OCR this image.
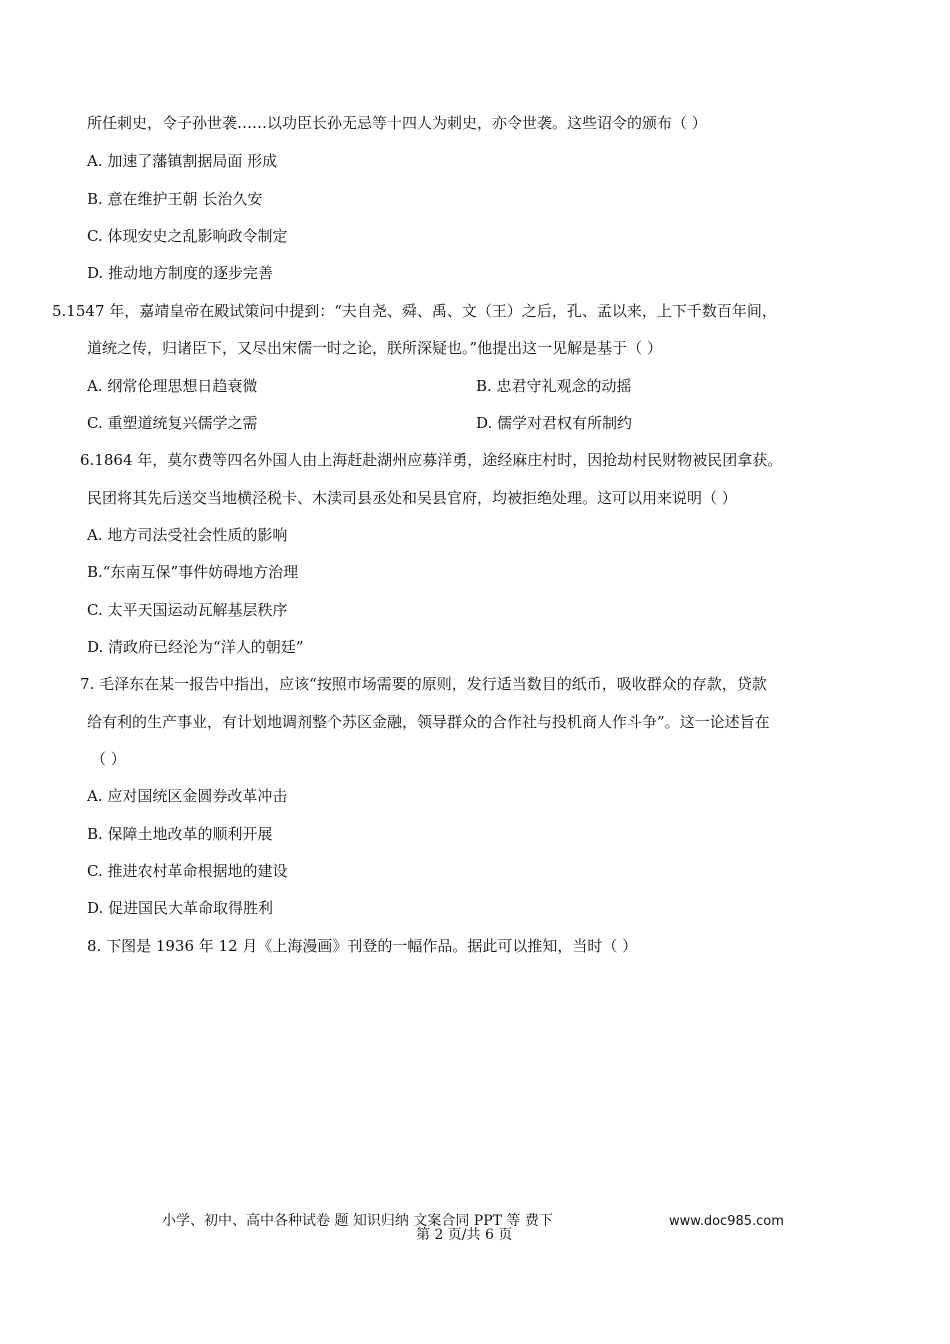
所任刺史，令子孙世袭……以功臣长孙无忌等十四人为刺史，亦令世袭。这些诏令的颁布（ ）
A. 加速了藩镇割据局面 形成
B. 意在维护王朝 长治久安
C. 体现安史之乱影响政令制定
D. 推动地方制度的逐步完善
5.1547 年，嘉靖皇帝在殿试策问中提到：“夫自尧、舜、禹、文（王）之后，孔、孟以来，上下千数百年间，
道统之传，归诸臣下，又尽出宋儒一时之论，朕所深疑也。”他提出这一见解是基于（ ）
A. 纲常伦理思想日趋衰微	B. 忠君守礼观念的动摇
C. 重塑道统复兴儒学之需	D. 儒学对君权有所制约
6.1864 年，莫尔费等四名外国人由上海赶赴湖州应募洋勇，途经麻庄村时，因抢劫村民财物被民团拿获。
民团将其先后送交当地横泾税卡、木渎司县丞处和吴县官府，均被拒绝处理。这可以用来说明（ ）
A. 地方司法受社会性质的影响
B.“东南互保”事件妨碍地方治理
C. 太平天国运动瓦解基层秩序
D. 清政府已经沦为“洋人的朝廷”
7. 毛泽东在某一报告中指出，应该“按照市场需要的原则，发行适当数目的纸币，吸收群众的存款，贷款
给有利的生产事业，有计划地调剂整个苏区金融，领导群众的合作社与投机商人作斗争”。这一论述旨在
（ ）
A. 应对国统区金圆券改革冲击
B. 保障土地改革的顺利开展
C. 推进农村革命根据地的建设
D. 促进国民大革命取得胜利
8. 下图是 1936 年 12 月《上海漫画》刊登的一幅作品。据此可以推知，当时（ ）
小学、初中、高中各种试卷 题 知识归纳 文案合同 PPT 等 费下	www.doc985.com
第 2 页/共 6 页
